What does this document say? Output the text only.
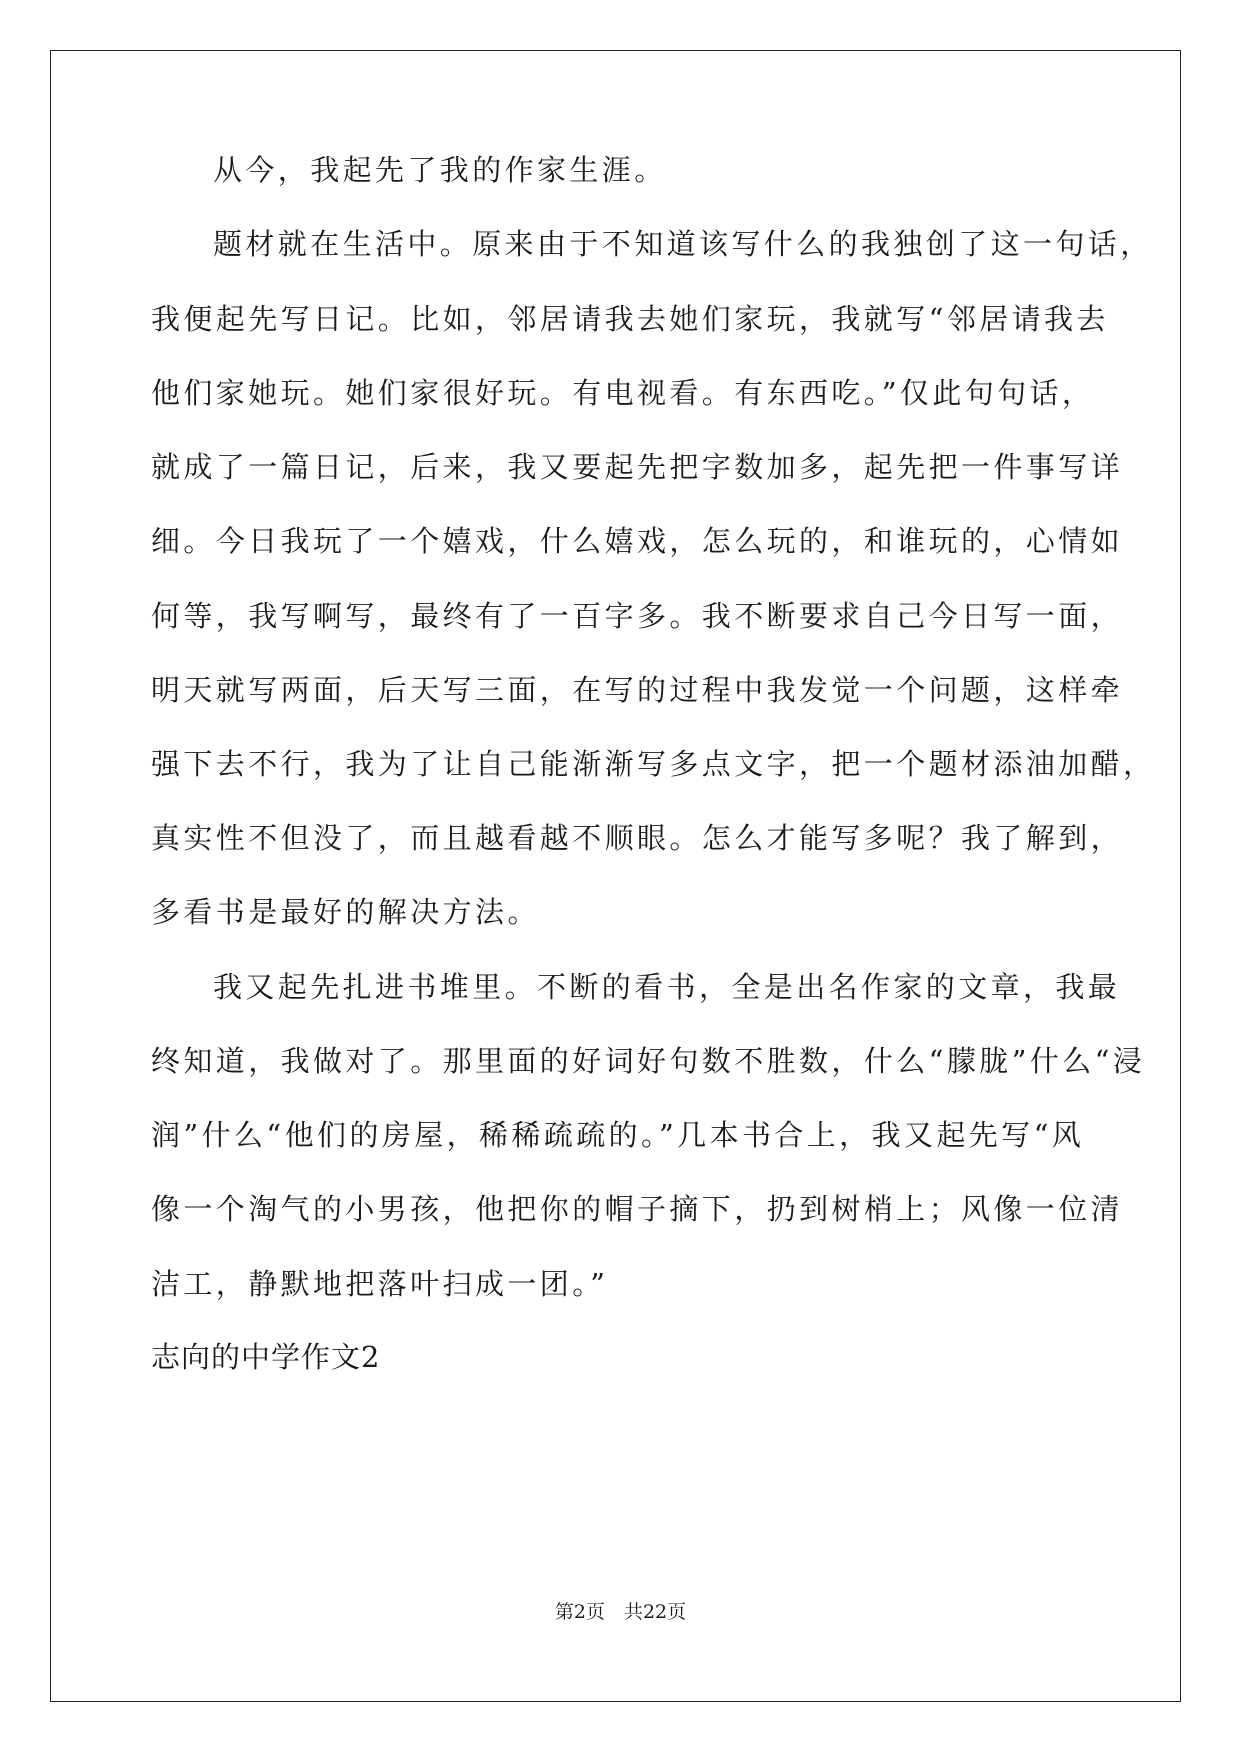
从今，我起先了我的作家生涯。
题材就在生活中。原来由于不知道该写什么的我独创了这一句话，
我便起先写日记。比如，邻居请我去她们家玩，我就写“邻居请我去
他们家她玩。她们家很好玩。有电视看。有东西吃。”仅此句句话，
就成了一篇日记，后来，我又要起先把字数加多，起先把一件事写详
细。今日我玩了一个嬉戏，什么嬉戏，怎么玩的，和谁玩的，心情如
何等，我写啊写，最终有了一百字多。我不断要求自己今日写一面，
明天就写两面，后天写三面，在写的过程中我发觉一个问题，这样牵
强下去不行，我为了让自己能渐渐写多点文字，把一个题材添油加醋，
真实性不但没了，而且越看越不顺眼。怎么才能写多呢？我了解到，
多看书是最好的解决方法。
我又起先扎进书堆里。不断的看书，全是出名作家的文章，我最
终知道，我做对了。那里面的好词好句数不胜数，什么“朦胧”什么“浸
润”什么“他们的房屋，稀稀疏疏的。”几本书合上，我又起先写“风
像一个淘气的小男孩，他把你的帽子摘下，扔到树梢上；风像一位清
洁工，静默地把落叶扫成一团。”
志向的中学作文2
第2页　共22页
